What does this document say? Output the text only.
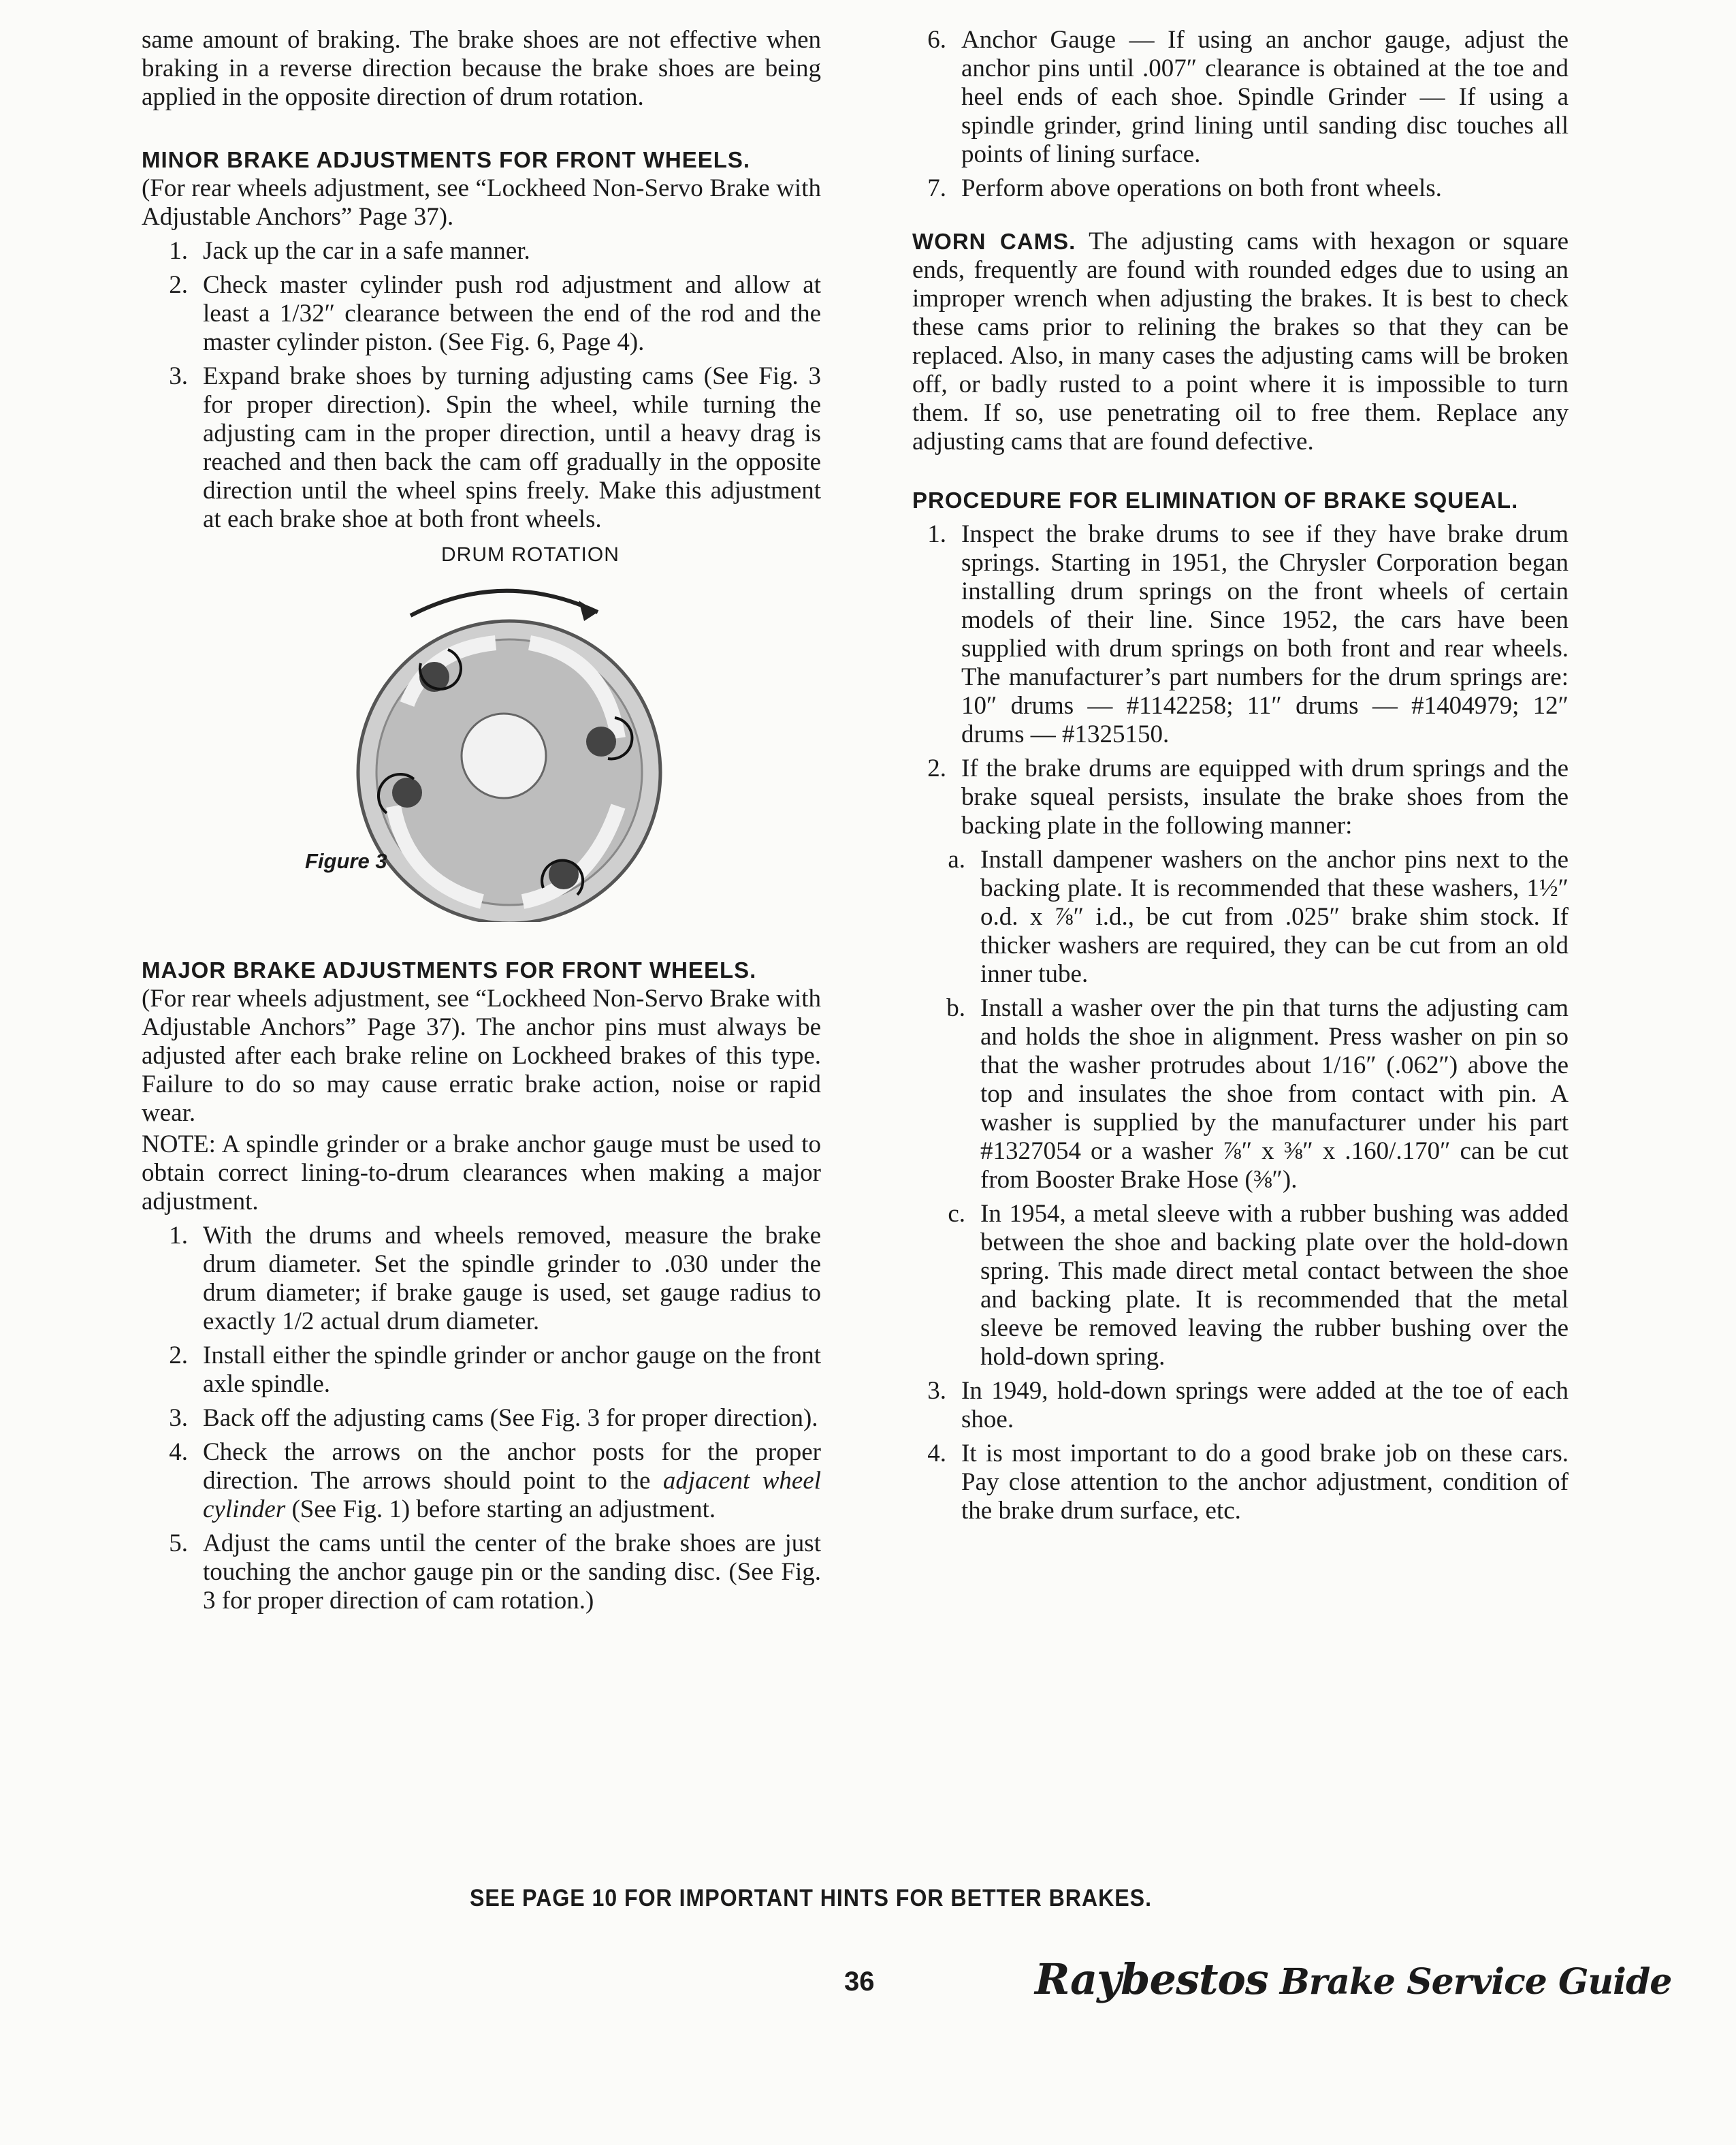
same amount of braking. The brake shoes are not effective when braking in a reverse direction because the brake shoes are being applied in the opposite direction of drum rotation.

MINOR BRAKE ADJUSTMENTS FOR FRONT WHEELS.

(For rear wheels adjustment, see “Lockheed Non-Servo Brake with Adjustable Anchors” Page 37).

1. Jack up the car in a safe manner.
2. Check master cylinder push rod adjustment and allow at least a 1/32″ clearance between the end of the rod and the master cylinder piston. (See Fig. 6, Page 4).
3. Expand brake shoes by turning adjusting cams (See Fig. 3 for proper direction). Spin the wheel, while turning the adjusting cam in the proper direction, until a heavy drag is reached and then back the cam off gradually in the opposite direction until the wheel spins freely. Make this adjustment at each brake shoe at both front wheels.
DRUM ROTATION
Figure 3
MAJOR BRAKE ADJUSTMENTS FOR FRONT WHEELS.

(For rear wheels adjustment, see “Lockheed Non-Servo Brake with Adjustable Anchors” Page 37). The anchor pins must always be adjusted after each brake reline on Lockheed brakes of this type. Failure to do so may cause erratic brake action, noise or rapid wear.

NOTE: A spindle grinder or a brake anchor gauge must be used to obtain correct lining-to-drum clearances when making a major adjustment.

1. With the drums and wheels removed, measure the brake drum diameter. Set the spindle grinder to .030 under the drum diameter; if brake gauge is used, set gauge radius to exactly 1/2 actual drum diameter.
2. Install either the spindle grinder or anchor gauge on the front axle spindle.
3. Back off the adjusting cams (See Fig. 3 for proper direction).
4. Check the arrows on the anchor posts for the proper direction. The arrows should point to the adjacent wheel cylinder (See Fig. 1) before starting an adjustment.
5. Adjust the cams until the center of the brake shoes are just touching the anchor gauge pin or the sanding disc. (See Fig. 3 for proper direction of cam rotation.)
6. Anchor Gauge — If using an anchor gauge, adjust the anchor pins until .007″ clearance is obtained at the toe and heel ends of each shoe. Spindle Grinder — If using a spindle grinder, grind lining until sanding disc touches all points of lining surface.
7. Perform above operations on both front wheels.

WORN CAMS. The adjusting cams with hexagon or square ends, frequently are found with rounded edges due to using an improper wrench when adjusting the brakes. It is best to check these cams prior to relining the brakes so that they can be replaced. Also, in many cases the adjusting cams will be broken off, or badly rusted to a point where it is impossible to turn them. If so, use penetrating oil to free them. Replace any adjusting cams that are found defective.

PROCEDURE FOR ELIMINATION OF BRAKE SQUEAL.
1. Inspect the brake drums to see if they have brake drum springs. Starting in 1951, the Chrysler Corporation began installing drum springs on the front wheels of certain models of their line. Since 1952, the cars have been supplied with drum springs on both front and rear wheels. The manufacturer’s part numbers for the drum springs are: 10″ drums — #1142258; 11″ drums — #1404979; 12″ drums — #1325150.
2. If the brake drums are equipped with drum springs and the brake squeal persists, insulate the brake shoes from the backing plate in the following manner:
a. Install dampener washers on the anchor pins next to the backing plate. It is recommended that these washers, 1½″ o.d. x ⅞″ i.d., be cut from .025″ brake shim stock. If thicker washers are required, they can be cut from an old inner tube.
b. Install a washer over the pin that turns the adjusting cam and holds the shoe in alignment. Press washer on pin so that the washer protrudes about 1/16″ (.062″) above the top and insulates the shoe from contact with pin. A washer is supplied by the manufacturer under his part #1327054 or a washer ⅞″ x ⅜″ x .160/.170″ can be cut from Booster Brake Hose (⅜″).
c. In 1954, a metal sleeve with a rubber bushing was added between the shoe and backing plate over the hold-down spring. This made direct metal contact between the shoe and backing plate. It is recommended that the metal sleeve be removed leaving the rubber bushing over the hold-down spring.
3. In 1949, hold-down springs were added at the toe of each shoe.
4. It is most important to do a good brake job on these cars. Pay close attention to the anchor adjustment, condition of the brake drum surface, etc.
SEE PAGE 10 FOR IMPORTANT HINTS FOR BETTER BRAKES.
36	Raybestos Brake Service Guide
